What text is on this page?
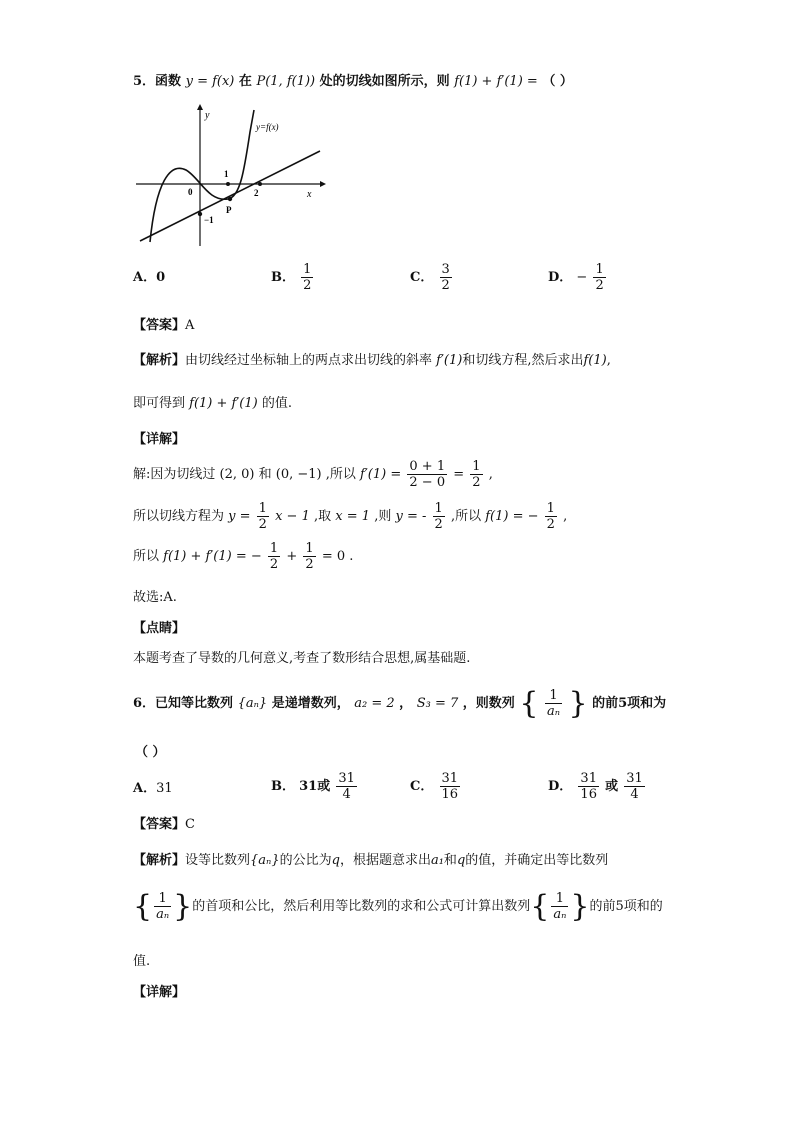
5．函数 y = f(x) 在 P(1, f(1)) 处的切线如图所示，则 f(1) + f′(1) = （ ）
y
x
y=f(x)
0
1
2
−1
P
A．0	B． $\frac{1}{2}$	C． $\frac{3}{2}$	D． − $\frac{1}{2}$
【答案】A
【解析】由切线经过坐标轴上的两点求出切线的斜率 f′(1)和切线方程,然后求出f(1),
即可得到 f(1) + f′(1) 的值.
【详解】
解:因为切线过 (2, 0) 和 (0, −1) ,所以 $f'(1) = \frac{0 + 1}{2 - 0} = \frac{1}{2}$ ,
所以切线方程为 $y = \frac{1}{2}$ x − 1 ,取 x = 1 ,则 y = - $\frac{1}{2}$ ,所以 f(1) = − $\frac{1}{2}$ ,
所以 f(1) + f′(1) = − $\frac{1}{2} + \frac{1}{2} = 0$ .
故选:A.
【点睛】
本题考查了导数的几何意义,考查了数形结合思想,属基础题.
6．已知等比数列 {aₙ} 是递增数列， a₂ = 2 ， S₃ = 7 ，则数列 { $\frac{1}{\text{aₙ}}$ } 的前5项和为
（ ）
A．31	B． 31或 $\frac{31}{4}$	C． $\frac{31}{16}$	D． $\frac{31}{16}$ 或 $\frac{31}{4}$
【答案】C
【解析】设等比数列{aₙ}的公比为q，根据题意求出a₁和q的值，并确定出等比数列
{ $\frac{1}{\text{aₙ}}$ }的首项和公比，然后利用等比数列的求和公式可计算出数列{ $\frac{1}{\text{aₙ}}$ }的前5项和的
值.
【详解】
